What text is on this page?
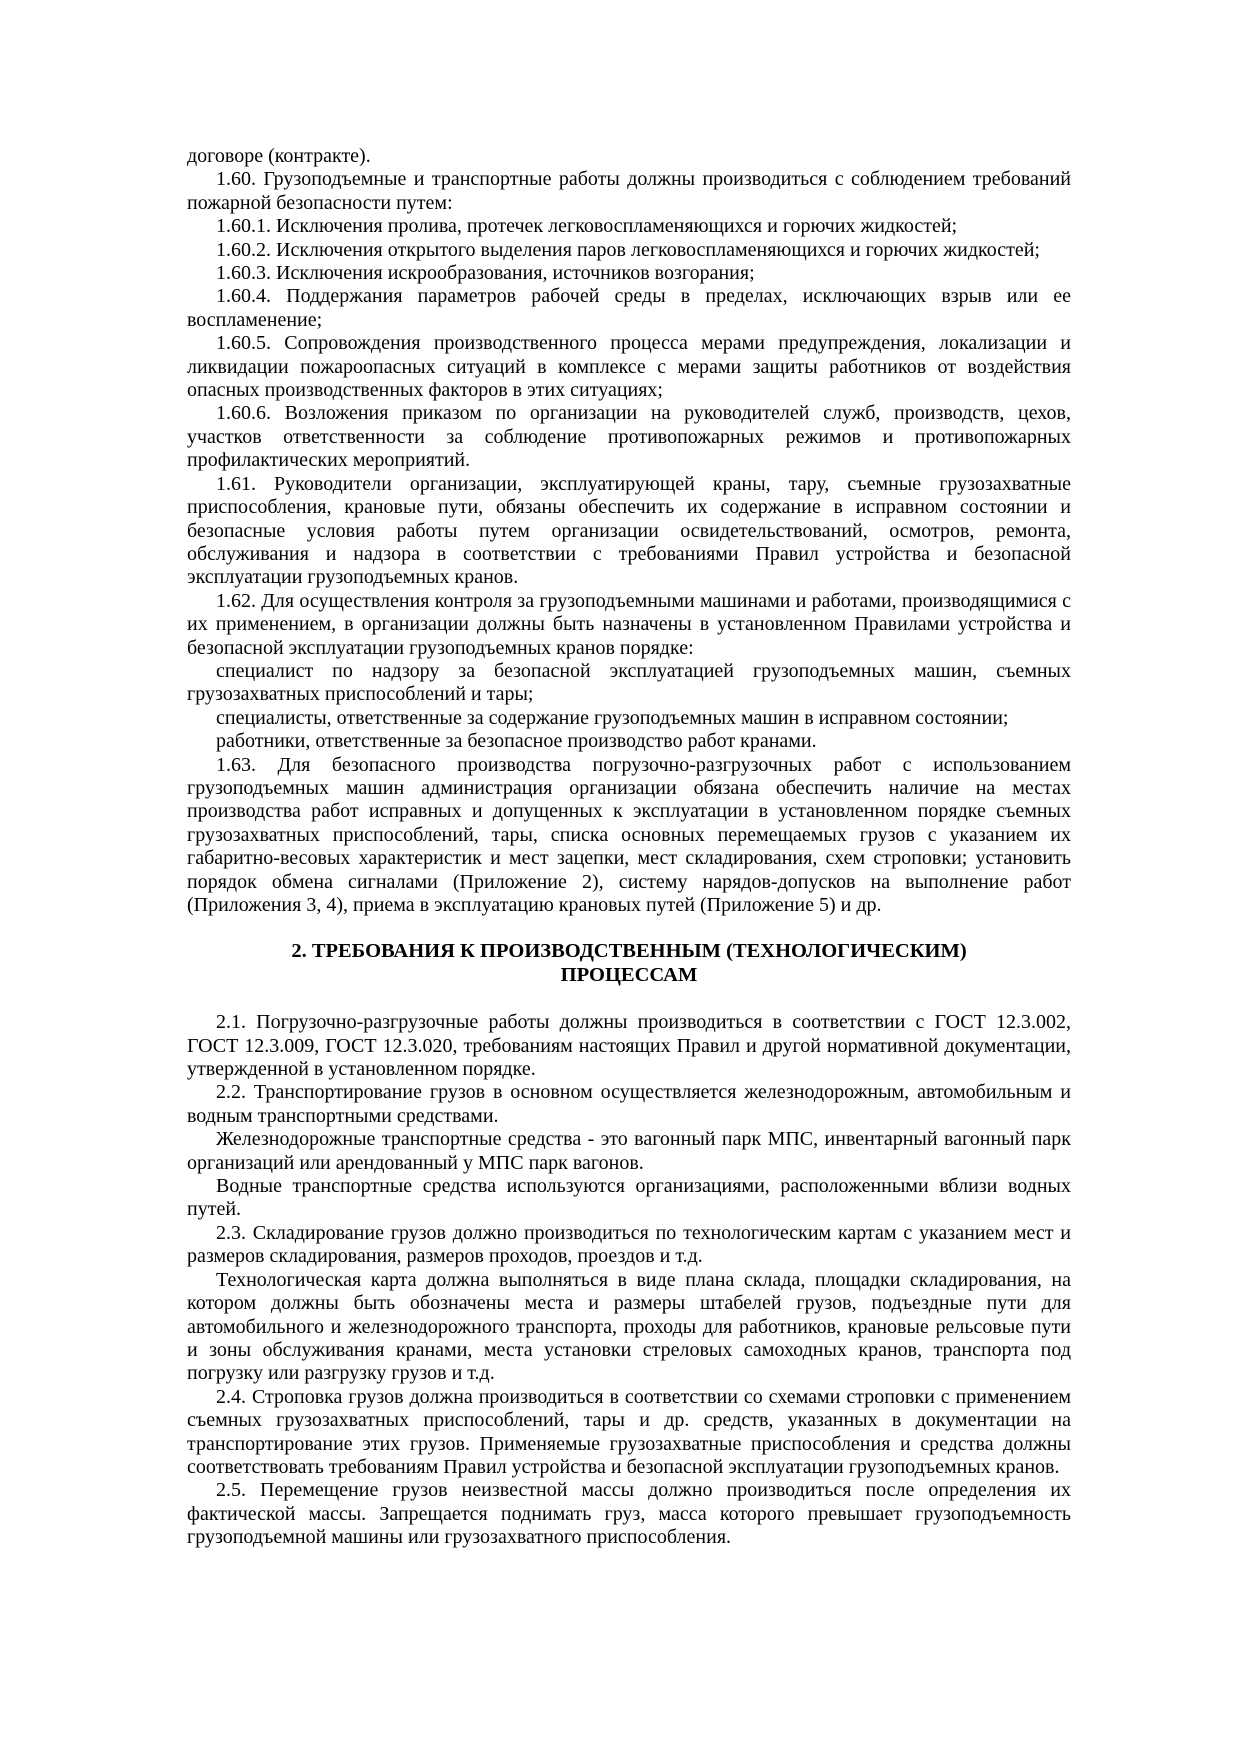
договоре (контракте).

1.60. Грузоподъемные и транспортные работы должны производиться с соблюдением требований пожарной безопасности путем:

1.60.1. Исключения пролива, протечек легковоспламеняющихся и горючих жидкостей;

1.60.2. Исключения открытого выделения паров легковоспламеняющихся и горючих жидкостей;

1.60.3. Исключения искрообразования, источников возгорания;

1.60.4. Поддержания параметров рабочей среды в пределах, исключающих взрыв или ее воспламенение;

1.60.5. Сопровождения производственного процесса мерами предупреждения, локализации и ликвидации пожароопасных ситуаций в комплексе с мерами защиты работников от воздействия опасных производственных факторов в этих ситуациях;

1.60.6. Возложения приказом по организации на руководителей служб, производств, цехов, участков ответственности за соблюдение противопожарных режимов и противопожарных профилактических мероприятий.

1.61. Руководители организации, эксплуатирующей краны, тару, съемные грузозахватные приспособления, крановые пути, обязаны обеспечить их содержание в исправном состоянии и безопасные условия работы путем организации освидетельствований, осмотров, ремонта, обслуживания и надзора в соответствии с требованиями Правил устройства и безопасной эксплуатации грузоподъемных кранов.

1.62. Для осуществления контроля за грузоподъемными машинами и работами, производящимися с их применением, в организации должны быть назначены в установленном Правилами устройства и безопасной эксплуатации грузоподъемных кранов порядке:

специалист по надзору за безопасной эксплуатацией грузоподъемных машин, съемных грузозахватных приспособлений и тары;

специалисты, ответственные за содержание грузоподъемных машин в исправном состоянии;

работники, ответственные за безопасное производство работ кранами.

1.63. Для безопасного производства погрузочно-разгрузочных работ с использованием грузоподъемных машин администрация организации обязана обеспечить наличие на местах производства работ исправных и допущенных к эксплуатации в установленном порядке съемных грузозахватных приспособлений, тары, списка основных перемещаемых грузов с указанием их габаритно-весовых характеристик и мест зацепки, мест складирования, схем строповки; установить порядок обмена сигналами (Приложение 2), систему нарядов-допусков на выполнение работ (Приложения 3, 4), приема в эксплуатацию крановых путей (Приложение 5) и др.

2. ТРЕБОВАНИЯ К ПРОИЗВОДСТВЕННЫМ (ТЕХНОЛОГИЧЕСКИМ)
ПРОЦЕССАМ

2.1. Погрузочно-разгрузочные работы должны производиться в соответствии с ГОСТ 12.3.002, ГОСТ 12.3.009, ГОСТ 12.3.020, требованиям настоящих Правил и другой нормативной документации, утвержденной в установленном порядке.

2.2. Транспортирование грузов в основном осуществляется железнодорожным, автомобильным и водным транспортными средствами.

Железнодорожные транспортные средства - это вагонный парк МПС, инвентарный вагонный парк организаций или арендованный у МПС парк вагонов.

Водные транспортные средства используются организациями, расположенными вблизи водных путей.

2.3. Складирование грузов должно производиться по технологическим картам с указанием мест и размеров складирования, размеров проходов, проездов и т.д.

Технологическая карта должна выполняться в виде плана склада, площадки складирования, на котором должны быть обозначены места и размеры штабелей грузов, подъездные пути для автомобильного и железнодорожного транспорта, проходы для работников, крановые рельсовые пути и зоны обслуживания кранами, места установки стреловых самоходных кранов, транспорта под погрузку или разгрузку грузов и т.д.

2.4. Строповка грузов должна производиться в соответствии со схемами строповки с применением съемных грузозахватных приспособлений, тары и др. средств, указанных в документации на транспортирование этих грузов. Применяемые грузозахватные приспособления и средства должны соответствовать требованиям Правил устройства и безопасной эксплуатации грузоподъемных кранов.

2.5. Перемещение грузов неизвестной массы должно производиться после определения их фактической массы. Запрещается поднимать груз, масса которого превышает грузоподъемность грузоподъемной машины или грузозахватного приспособления.
